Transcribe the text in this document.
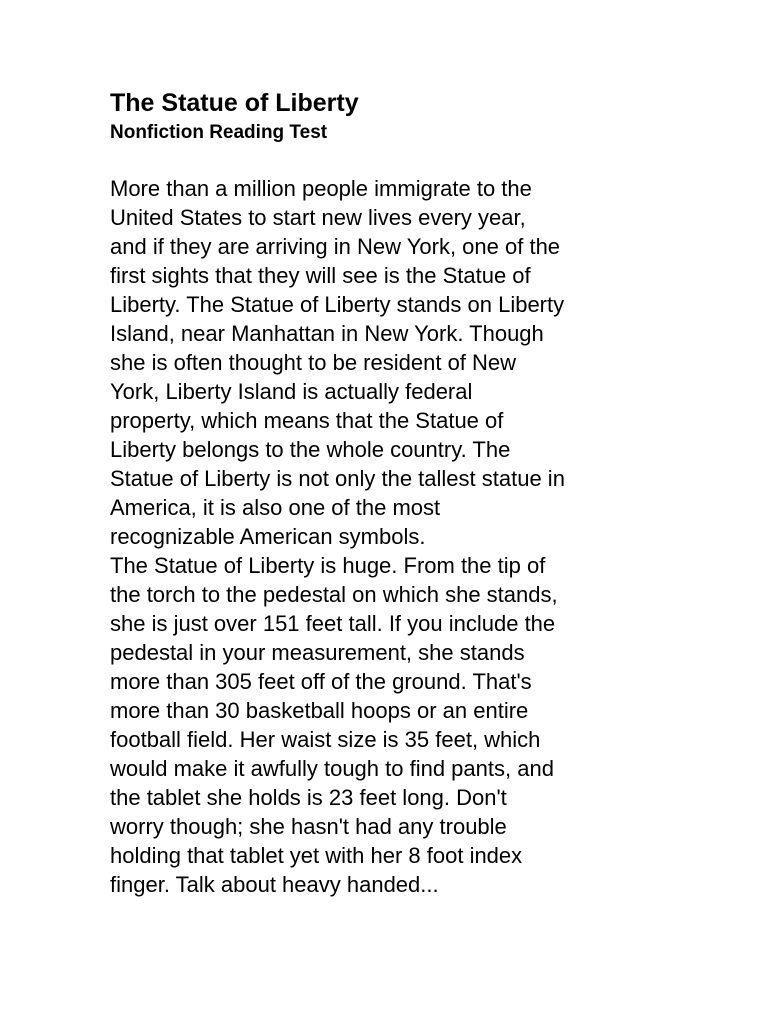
The Statue of Liberty
Nonfiction Reading Test

More than a million people immigrate to the
United States to start new lives every year,
and if they are arriving in New York, one of the
first sights that they will see is the Statue of
Liberty. The Statue of Liberty stands on Liberty
Island, near Manhattan in New York. Though
she is often thought to be resident of New
York, Liberty Island is actually federal
property, which means that the Statue of
Liberty belongs to the whole country. The
Statue of Liberty is not only the tallest statue in
America, it is also one of the most
recognizable American symbols.

The Statue of Liberty is huge. From the tip of
the torch to the pedestal on which she stands,
she is just over 151 feet tall. If you include the
pedestal in your measurement, she stands
more than 305 feet off of the ground. That's
more than 30 basketball hoops or an entire
football field. Her waist size is 35 feet, which
would make it awfully tough to find pants, and
the tablet she holds is 23 feet long. Don't
worry though; she hasn't had any trouble
holding that tablet yet with her 8 foot index
finger. Talk about heavy handed...
